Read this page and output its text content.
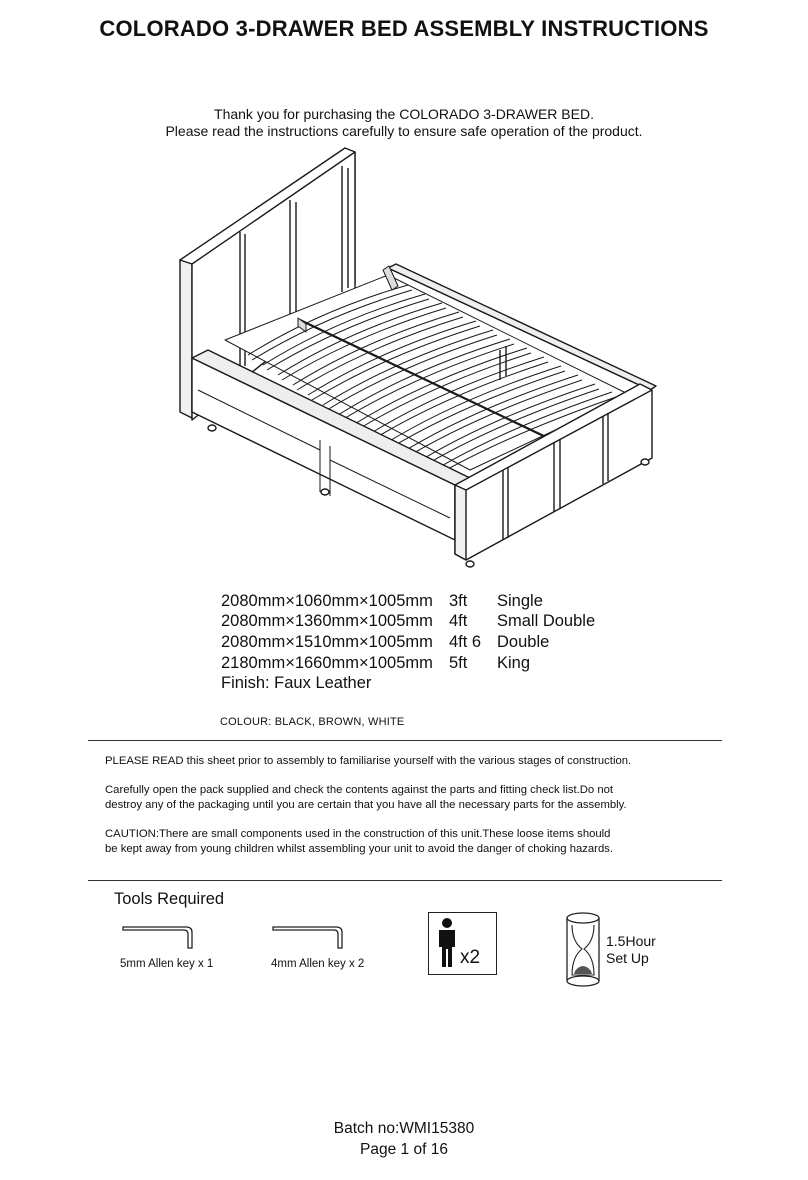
COLORADO 3-DRAWER BED ASSEMBLY INSTRUCTIONS
Thank you for purchasing the COLORADO 3-DRAWER BED.
Please read the instructions carefully to ensure safe operation of the product.
2080mm×1060mm×1005mm 3ft Single
2080mm×1360mm×1005mm 4ft Small Double
2080mm×1510mm×1005mm 4ft 6 Double
2180mm×1660mm×1005mm 5ft King
Finish: Faux Leather
COLOUR: BLACK, BROWN, WHITE
PLEASE READ this sheet prior to assembly to familiarise yourself with the various stages of construction.
Carefully open the pack supplied and check the contents against the parts and fitting check list.Do not
destroy any of the packaging until you are certain that you have all the necessary parts for the assembly.
CAUTION:There are small components used in the construction of this unit.These loose items should
be kept away from young children whilst assembling your unit to avoid the danger of choking hazards.
Tools Required
5mm Allen key x 1	4mm Allen key x 2	x2
1.5Hour
Set Up
Batch no:WMI15380
Page 1 of 16
